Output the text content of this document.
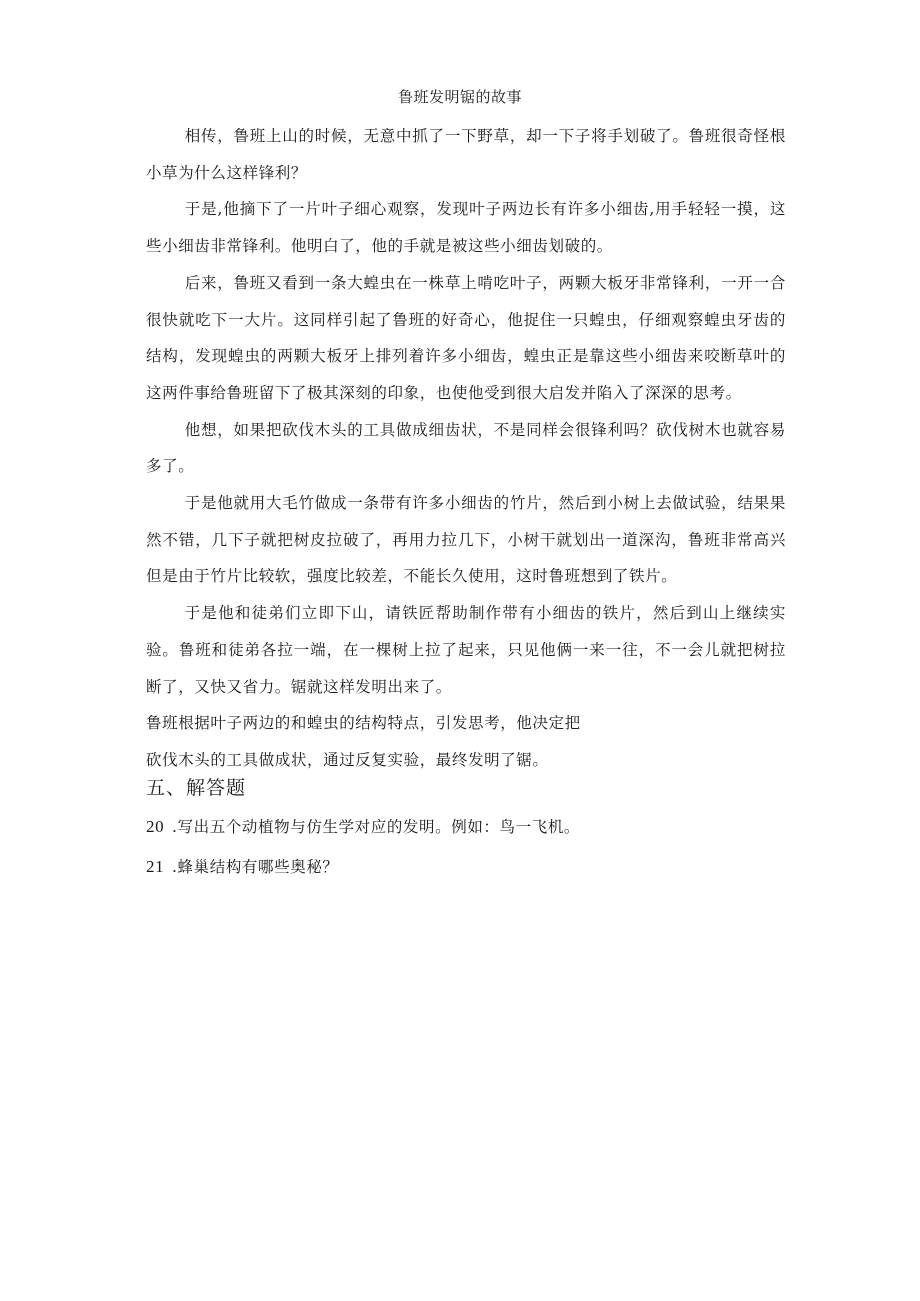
鲁班发明锯的故事

相传，鲁班上山的时候，无意中抓了一下野草，却一下子将手划破了。鲁班很奇怪根小草为什么这样锋利？

于是,他摘下了一片叶子细心观察，发现叶子两边长有许多小细齿,用手轻轻一摸，这些小细齿非常锋利。他明白了，他的手就是被这些小细齿划破的。

后来，鲁班又看到一条大蝗虫在一株草上啃吃叶子，两颗大板牙非常锋利，一开一合很快就吃下一大片。这同样引起了鲁班的好奇心，他捉住一只蝗虫，仔细观察蝗虫牙齿的结构，发现蝗虫的两颗大板牙上排列着许多小细齿，蝗虫正是靠这些小细齿来咬断草叶的这两件事给鲁班留下了极其深刻的印象，也使他受到很大启发并陷入了深深的思考。

他想，如果把砍伐木头的工具做成细齿状，不是同样会很锋利吗？砍伐树木也就容易多了。

于是他就用大毛竹做成一条带有许多小细齿的竹片，然后到小树上去做试验，结果果然不错，几下子就把树皮拉破了，再用力拉几下，小树干就划出一道深沟，鲁班非常高兴但是由于竹片比较软，强度比较差，不能长久使用，这时鲁班想到了铁片。

于是他和徒弟们立即下山，请铁匠帮助制作带有小细齿的铁片，然后到山上继续实验。鲁班和徒弟各拉一端，在一棵树上拉了起来，只见他俩一来一往，不一会儿就把树拉断了，又快又省力。锯就这样发明出来了。

鲁班根据叶子两边的和蝗虫的结构特点，引发思考，他决定把

砍伐木头的工具做成状，通过反复实验，最终发明了锯。

五、解答题
20 .写出五个动植物与仿生学对应的发明。例如：鸟一飞机。
21 .蜂巢结构有哪些奥秘？
